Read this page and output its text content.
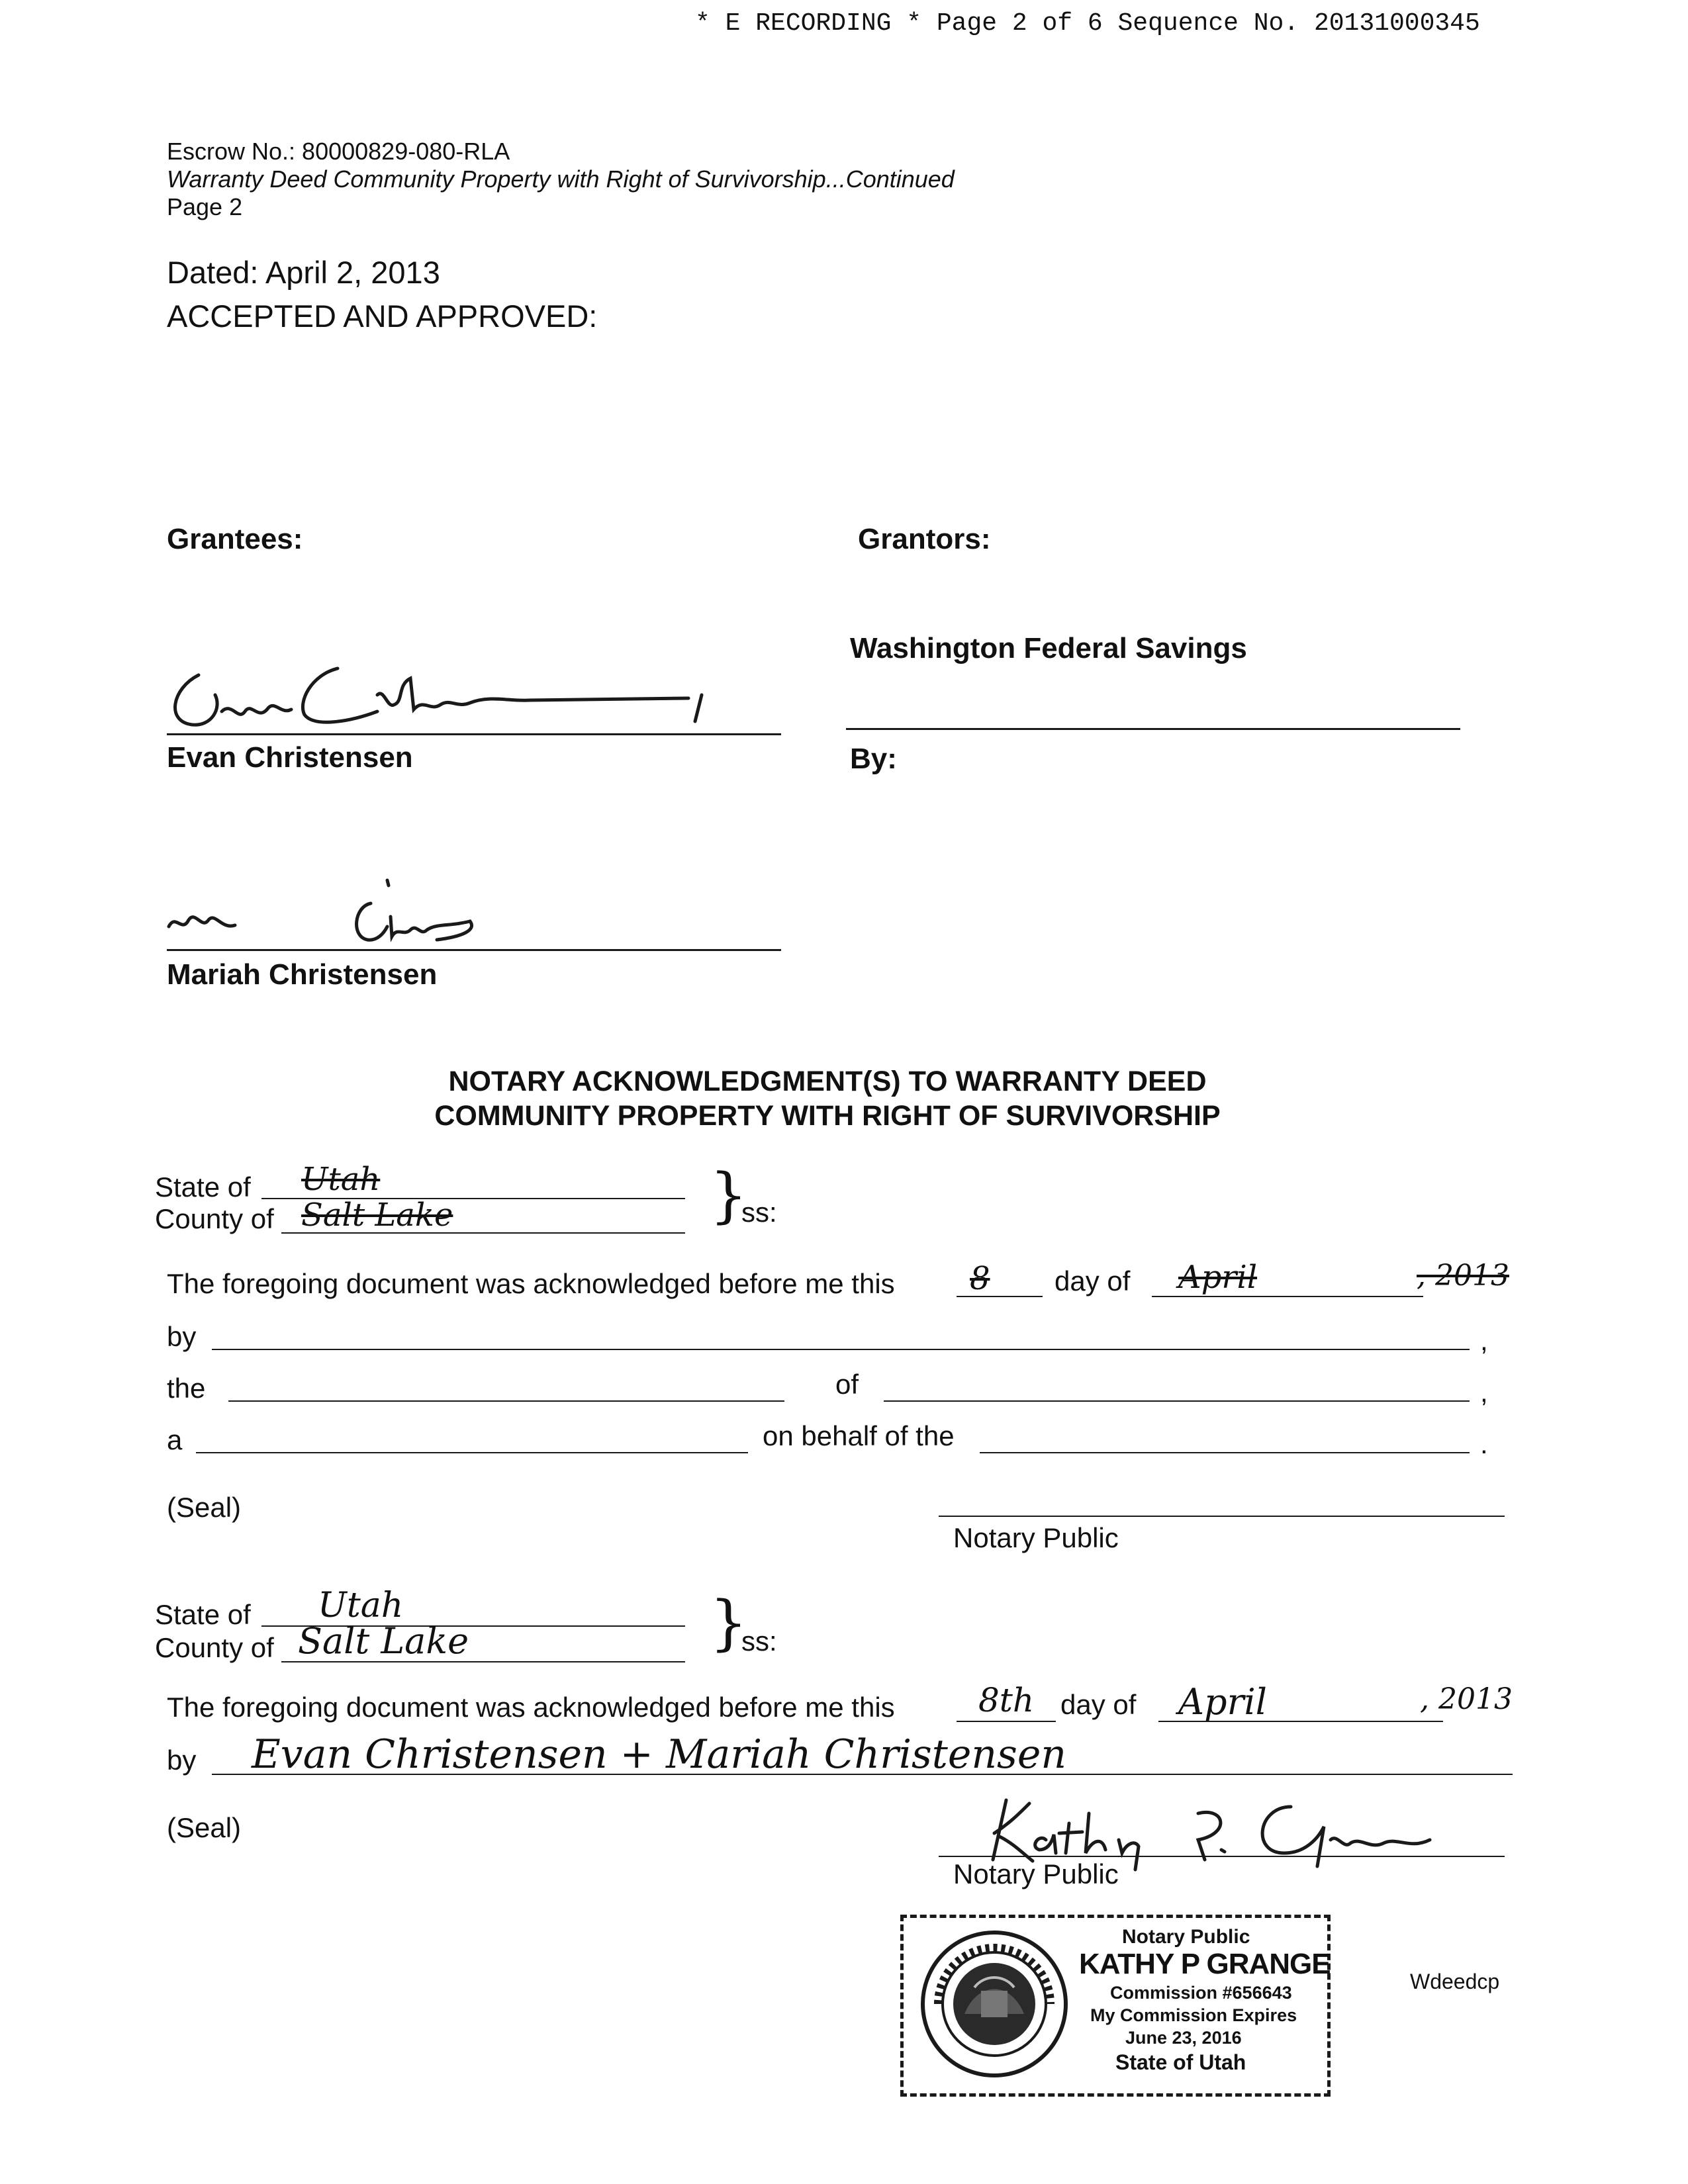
* E RECORDING * Page 2 of 6 Sequence No. 20131000345
Escrow No.: 80000829-080-RLA
Warranty Deed Community Property with Right of Survivorship...Continued
Page 2
Dated: April 2, 2013
ACCEPTED AND APPROVED:
Grantees:	Grantors:
Washington Federal Savings
Evan Christensen	By:
Mariah Christensen
NOTARY ACKNOWLEDGMENT(S) TO WARRANTY DEED
COMMUNITY PROPERTY WITH RIGHT OF SURVIVORSHIP
State of Utah
County of Salt Lake	}
ss:
The foregoing document was acknowledged before me this 8 day of April	, 2013
by	,
the	of	,
a	on behalf of the	.
(Seal)
Notary Public
State of Utah
County of Salt Lake	}
ss:
The foregoing document was acknowledged before me this	8th day of April	, 2013
by Evan Christensen + Mariah Christensen
(Seal)
Notary Public
Notary Public
KATHY P GRANGE
Commission #656643
My Commission Expires
June 23, 2016
State of Utah
Wdeedcp
